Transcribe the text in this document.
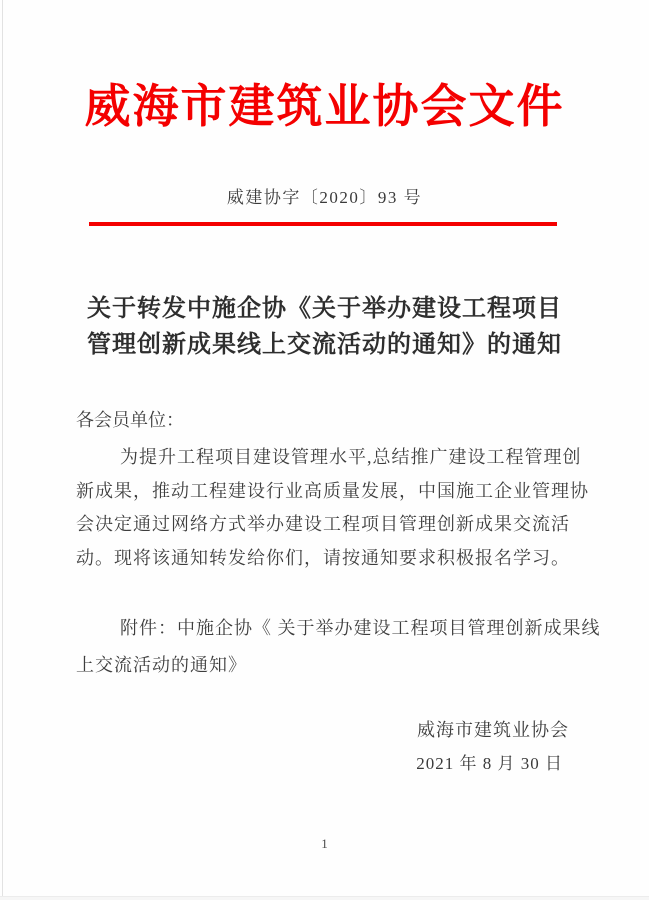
威海市建筑业协会文件
威建协字〔2020〕93 号
关于转发中施企协《关于举办建设工程项目
管理创新成果线上交流活动的通知》的通知
各会员单位：
为提升工程项目建设管理水平,总结推广建设工程管理创
新成果，推动工程建设行业高质量发展，中国施工企业管理协
会决定通过网络方式举办建设工程项目管理创新成果交流活
动。现将该通知转发给你们，请按通知要求积极报名学习。
附件：中施企协《 关于举办建设工程项目管理创新成果线
上交流活动的通知》
威海市建筑业协会
2021 年 8 月 30 日
1
